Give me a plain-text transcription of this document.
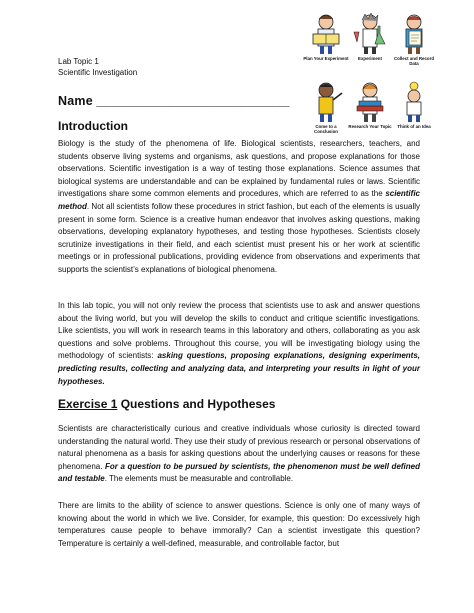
Lab Topic 1
Scientific Investigation
Plan Your Experiment	Experiment	Collect and Record Data
Come to a Conclusion
Research Your Topic	Think of an Idea
Name ___________________________
Introduction

Biology is the study of the phenomena of life. Biological scientists, researchers, teachers, and students observe living systems and organisms, ask questions, and propose explanations for those observations. Scientific investigation is a way of testing those explanations. Science assumes that biological systems are understandable and can be explained by fundamental rules or laws. Scientific investigations share some common elements and procedures, which are referred to as the scientific method. Not all scientists follow these procedures in strict fashion, but each of the elements is usually present in some form. Science is a creative human endeavor that involves asking questions, making observations, developing explanatory hypotheses, and testing those hypotheses. Scientists closely scrutinize investigations in their field, and each scientist must present his or her work at scientific meetings or in professional publications, providing evidence from observations and experiments that supports the scientist’s explanations of biological phenomena.

In this lab topic, you will not only review the process that scientists use to ask and answer questions about the living world, but you will develop the skills to conduct and critique scientific investigations. Like scientists, you will work in research teams in this laboratory and others, collaborating as you ask questions and solve problems. Throughout this course, you will be investigating biology using the methodology of scientists: asking questions, proposing explanations, designing experiments, predicting results, collecting and analyzing data, and interpreting your results in light of your hypotheses.

Exercise 1 Questions and Hypotheses

Scientists are characteristically curious and creative individuals whose curiosity is directed toward understanding the natural world. They use their study of previous research or personal observations of natural phenomena as a basis for asking questions about the underlying causes or reasons for these phenomena. For a question to be pursued by scientists, the phenomenon must be well defined and testable. The elements must be measurable and controllable.

There are limits to the ability of science to answer questions. Science is only one of many ways of knowing about the world in which we live. Consider, for example, this question: Do excessively high temperatures cause people to behave immorally? Can a scientist investigate this question? Temperature is certainly a well-defined, measurable, and controllable factor, but
